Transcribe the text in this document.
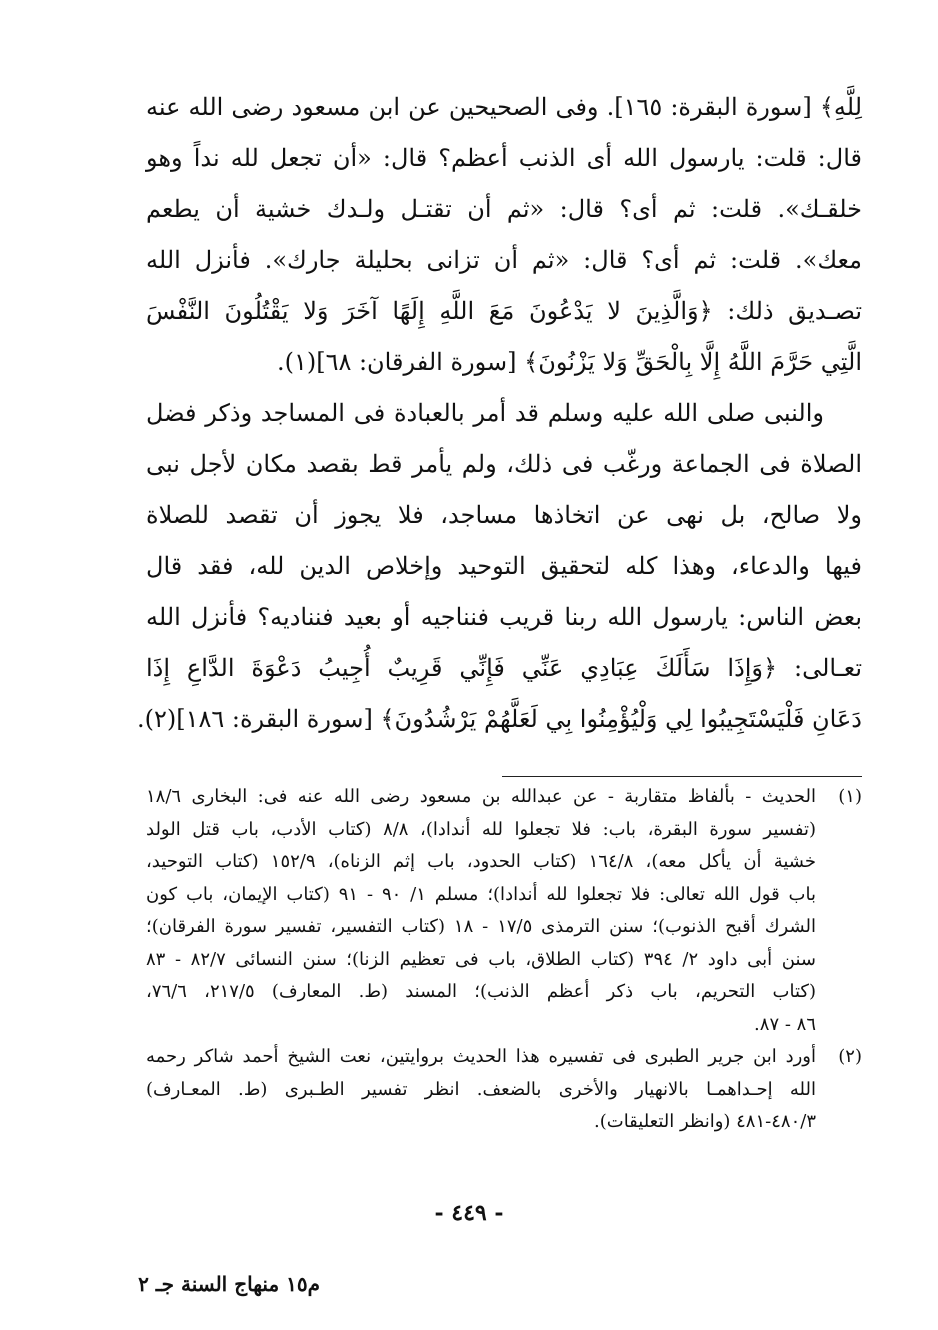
لِلَّهِ﴾ [سورة البقرة: ١٦٥]. وفى الصحيحين عن ابن مسعود رضى الله عنه
قال: قلت: يارسول الله أى الذنب أعظم؟ قال: «أن تجعل لله نداً وهو
خلقـك». قلت: ثم أى؟ قال: «ثم أن تقتـل ولـدك خشية أن يطعم
معك». قلت: ثم أى؟ قال: «ثم أن تزانى بحليلة جارك». فأنزل الله
تصـديق ذلك: ﴿وَالَّذِينَ لا يَدْعُونَ مَعَ اللَّهِ إِلَهًا آخَرَ وَلا يَقْتُلُونَ النَّفْسَ
الَّتِي حَرَّمَ اللَّهُ إِلَّا بِالْحَقِّ وَلا يَزْنُونَ﴾ [سورة الفرقان: ٦٨](١).
والنبى صلى الله عليه وسلم قد أمر بالعبادة فى المساجد وذكر فضل
الصلاة فى الجماعة ورغّب فى ذلك، ولم يأمر قط بقصد مكان لأجل نبى
ولا صالح، بل نهى عن اتخاذها مساجد، فلا يجوز أن تقصد للصلاة
فيها والدعاء، وهذا كله لتحقيق التوحيد وإخلاص الدين لله، فقد قال
بعض الناس: يارسول الله ربنا قريب فنناجيه أو بعيد فنناديه؟ فأنزل الله
تعـالى: ﴿وَإِذَا سَأَلَكَ عِبَادِي عَنِّي فَإِنِّي قَرِيبٌ أُجِيبُ دَعْوَةَ الدَّاعِ إِذَا
دَعَانِ فَلْيَسْتَجِيبُوا لِي وَلْيُؤْمِنُوا بِي لَعَلَّهُمْ يَرْشُدُونَ﴾ [سورة البقرة: ١٨٦](٢).
(١)الحديث - بألفاظ متقاربة - عن عبدالله بن مسعود رضى الله عنه فى: البخارى ١٨/٦
(تفسير سورة البقرة، باب: فلا تجعلوا لله أندادا)، ٨/٨ (كتاب الأدب، باب قتل الولد
خشية أن يأكل معه)، ١٦٤/٨ (كتاب الحدود، باب إثم الزناه)، ١٥٢/٩ (كتاب التوحيد،
باب قول الله تعالى: فلا تجعلوا لله أندادا)؛ مسلم ١/ ٩٠ - ٩١ (كتاب الإيمان، باب كون
الشرك أقبح الذنوب)؛ سنن الترمذى ١٧/٥ - ١٨ (كتاب التفسير، تفسير سورة الفرقان)؛
سنن أبى داود ٢/ ٣٩٤ (كتاب الطلاق، باب فى تعظيم الزنا)؛ سنن النسائى ٨٢/٧ - ٨٣
(كتاب التحريم، باب ذكر أعظم الذنب)؛ المسند (ط. المعارف) ٢١٧/٥، ٧٦/٦،
٨٦ - ٨٧.
(٢)أورد ابن جرير الطبرى فى تفسيره هذا الحديث بروايتين، نعت الشيخ أحمد شاكر رحمه
الله إحـداهمـا بالانهيار والأخرى بالضعف. انظر تفسير الطـبرى (ط. المعـارف)
٤٨٠/٣-٤٨١ (وانظر التعليقات).
- ٤٤٩ -
م١٥ منهاج السنة جـ ٢
